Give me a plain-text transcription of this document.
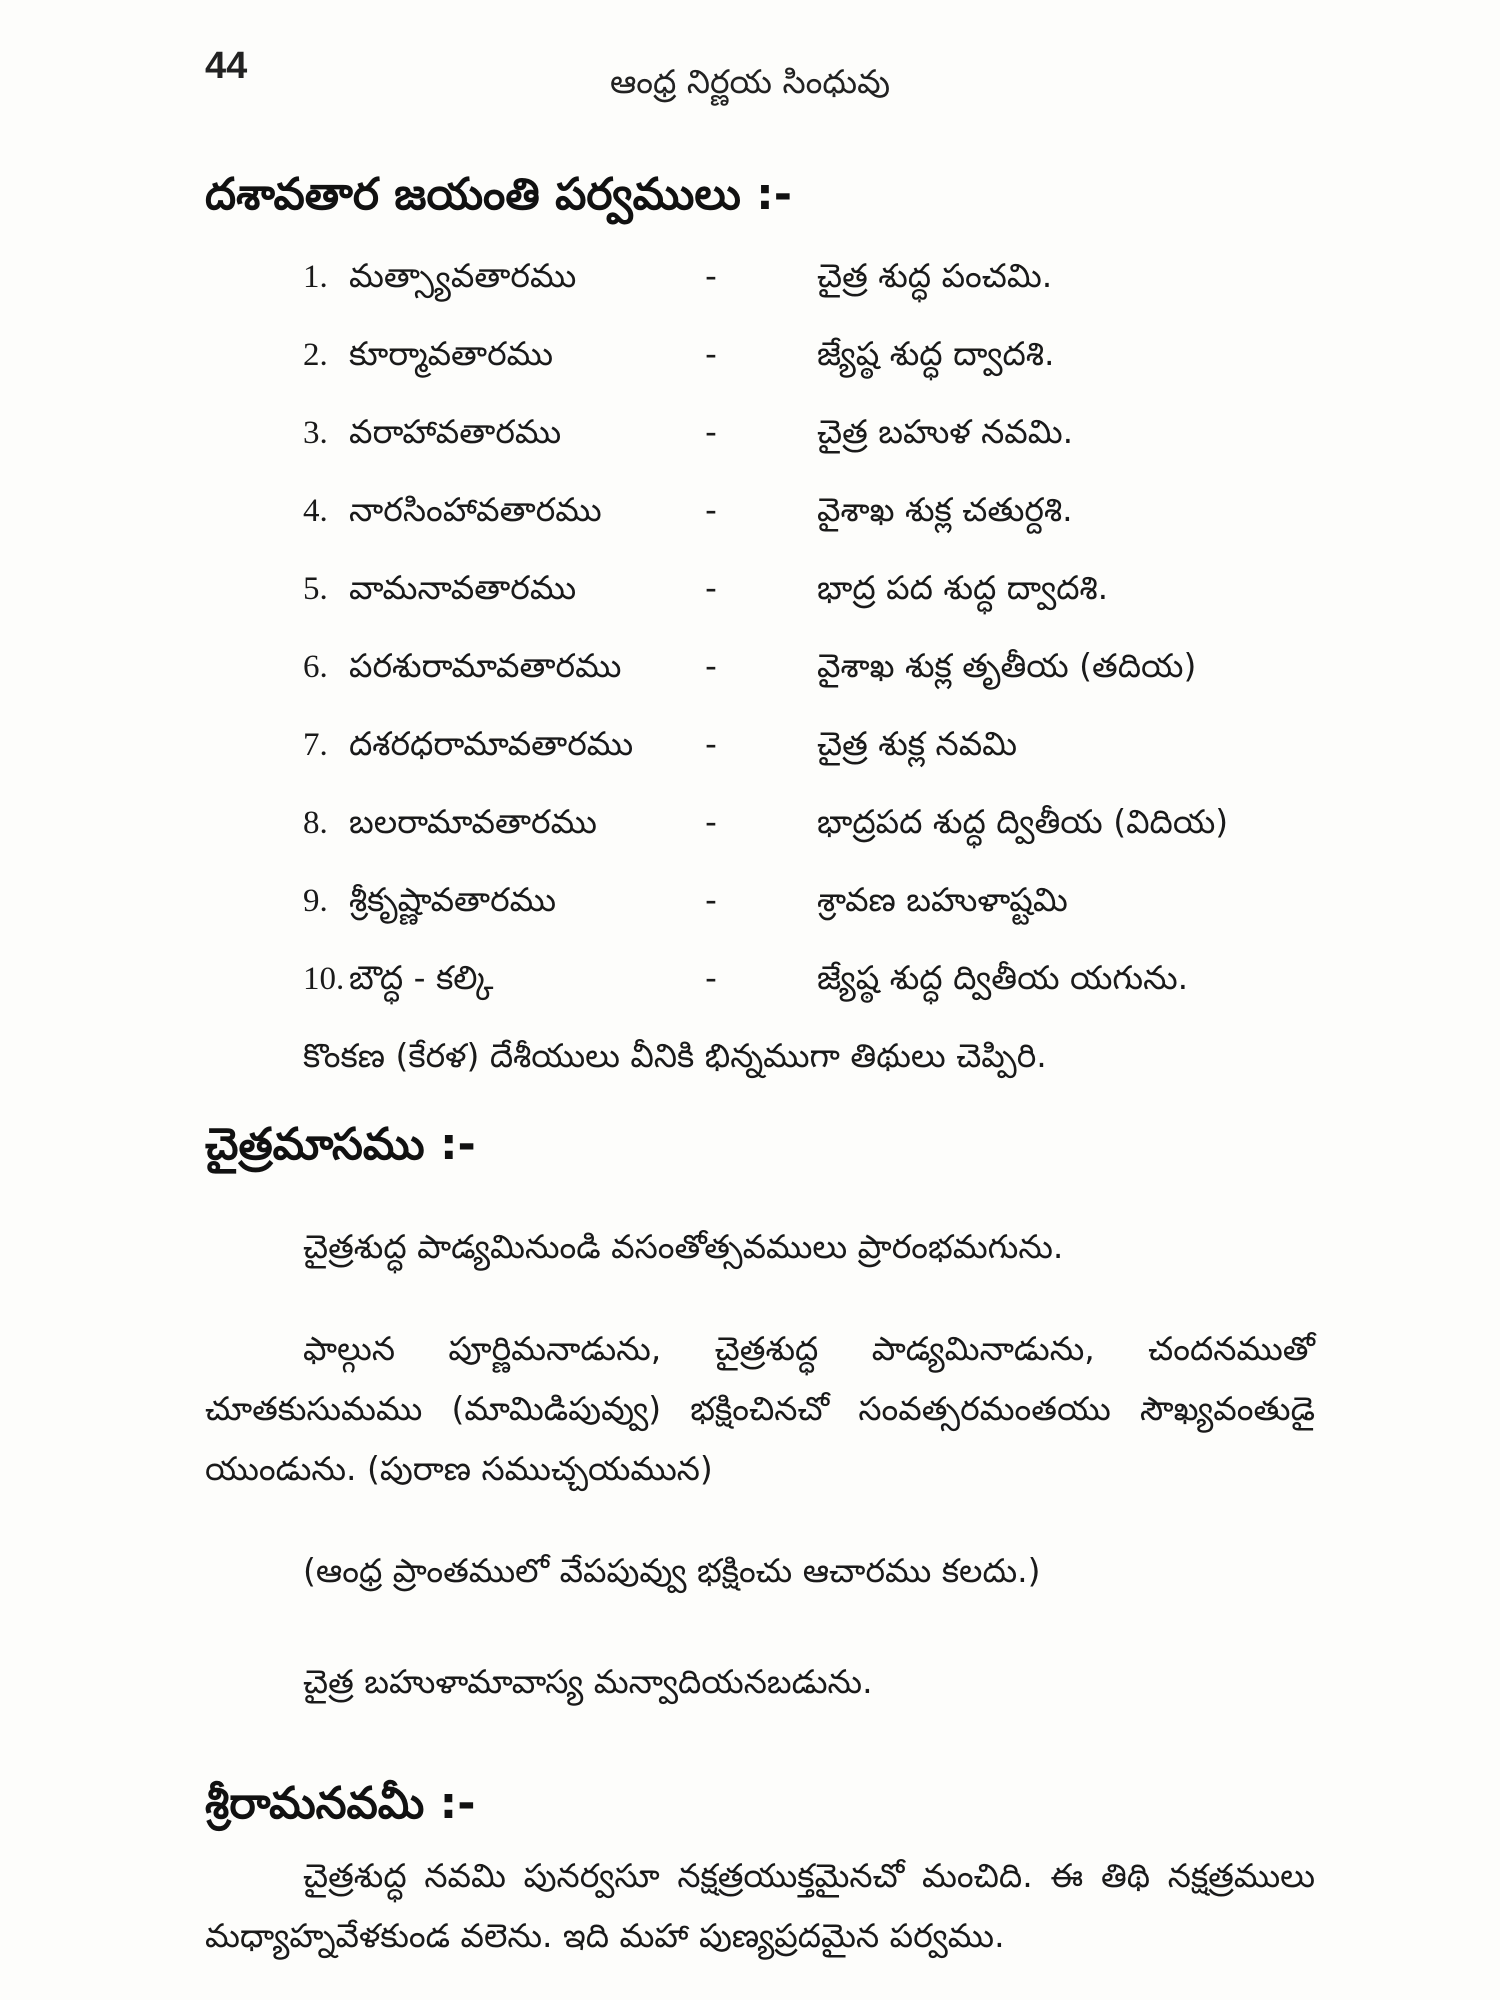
44	ఆంధ్ర నిర్ణయ సింధువు
దశావతార జయంతి పర్వములు :-
1. మత్స్యావతారము	-	చైత్ర శుద్ధ పంచమి.
2. కూర్మావతారము	-	జ్యేష్ఠ శుద్ధ ద్వాదశి.
3. వరాహావతారము	-	చైత్ర బహుళ నవమి.
4. నారసింహావతారము	-	వైశాఖ శుక్ల చతుర్దశి.
5. వామనావతారము	-	భాద్ర పద శుద్ధ ద్వాదశి.
6. పరశురామావతారము	-	వైశాఖ శుక్ల తృతీయ (తదియ)
7. దశరధరామావతారము	-	చైత్ర శుక్ల నవమి
8. బలరామావతారము	-	భాద్రపద శుద్ధ ద్వితీయ (విదియ)
9. శ్రీకృష్ణావతారము	-	శ్రావణ బహుళాష్టమి
10. బౌద్ధ - కల్కి	-	జ్యేష్ఠ శుద్ధ ద్వితీయ యగును.
కొంకణ (కేరళ) దేశీయులు వీనికి భిన్నముగా తిథులు చెప్పిరి.
చైత్రమాసము :-

చైత్రశుద్ధ పాడ్యమినుండి వసంతోత్సవములు ప్రారంభమగును.

ఫాల్గున పూర్ణిమనాడును, చైత్రశుద్ధ పాడ్యమినాడును, చందనముతో చూతకుసుమము (మామిడిపువ్వు) భక్షించినచో సంవత్సరమంతయు సౌఖ్యవంతుడై యుండును. (పురాణ సముచ్చయమున)

(ఆంధ్ర ప్రాంతములో వేపపువ్వు భక్షించు ఆచారము కలదు.)

చైత్ర బహుళామావాస్య మన్వాదియనబడును.

శ్రీరామనవమీ :-

చైత్రశుద్ధ నవమి పునర్వసూ నక్షత్రయుక్తమైనచో మంచిది. ఈ తిథి నక్షత్రములు మధ్యాహ్నవేళకుండ వలెను. ఇది మహా పుణ్యప్రదమైన పర్వము.
